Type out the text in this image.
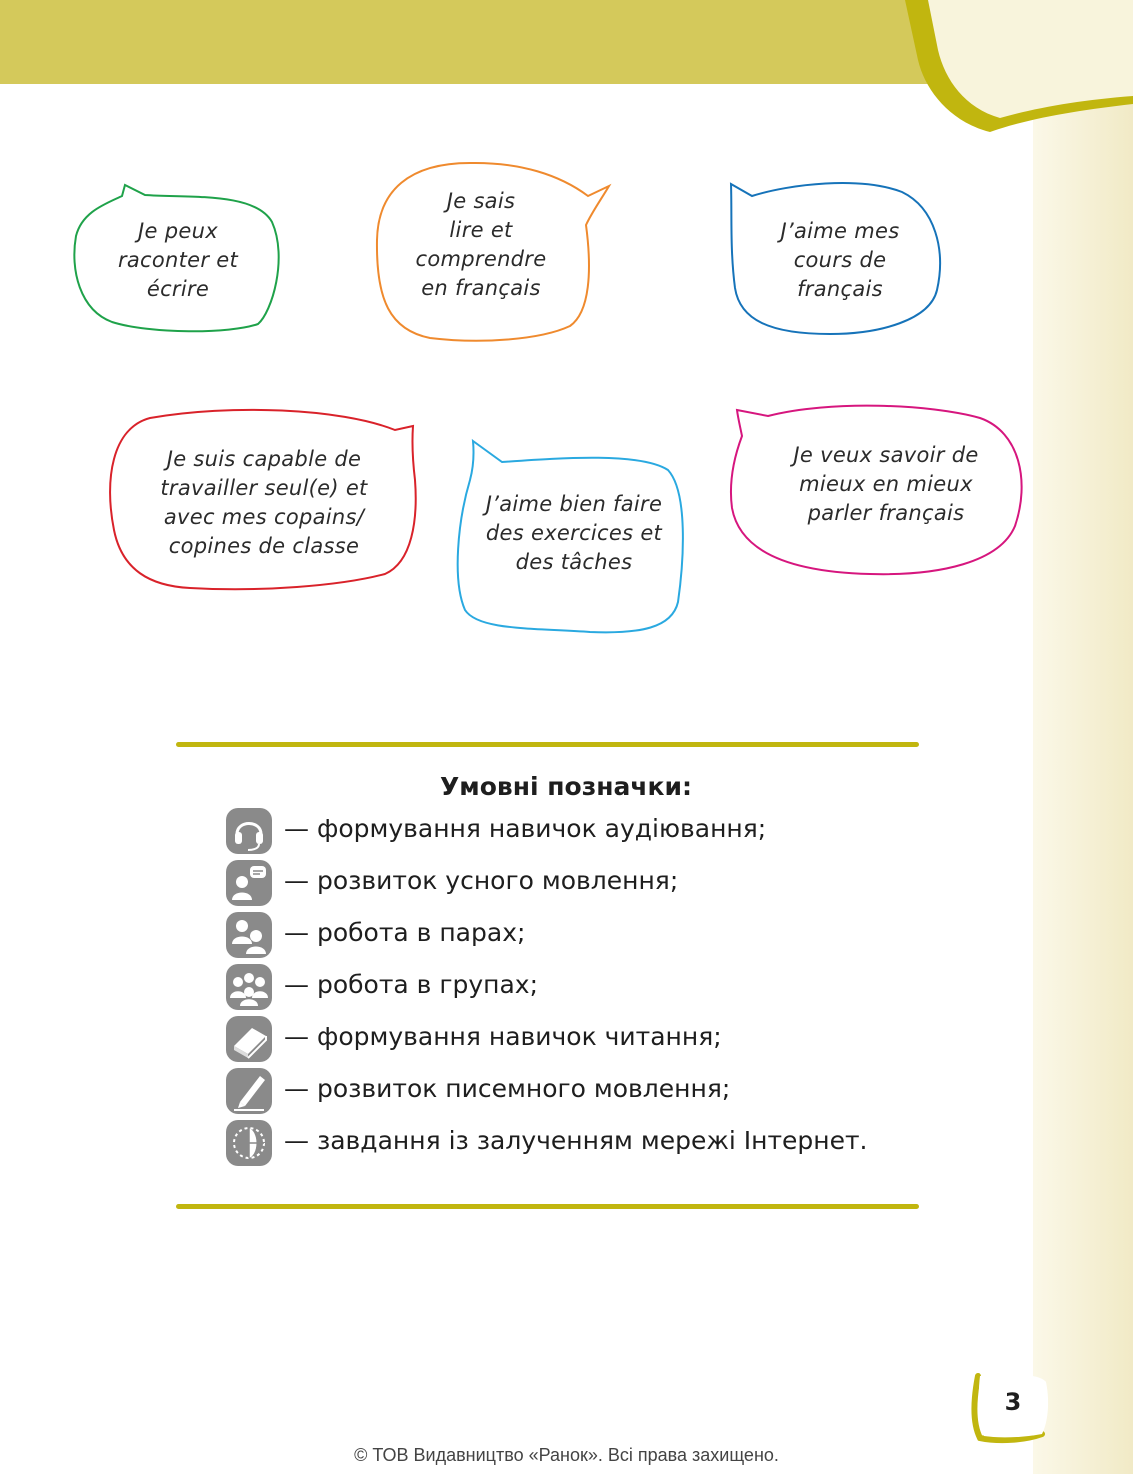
Je peux
raconter et
écrire
Je sais
lire et
comprendre
en français
J’aime mes
cours de
français
Je suis capable de
travailler seul(e) et
avec mes copains/
copines de classe
J’aime bien faire
des exercices et
des tâches
Je veux savoir de
mieux en mieux
parler français
Умовні позначки:
— формування навичок аудіювання;
— розвиток усного мовлення;
— робота в парах;
— робота в групах;
— формування навичок читання;
— розвиток писемного мовлення;
— завдання із залученням мережі Інтернет.
3
© ТОВ Видавництво «Ранок». Всі права захищено.
